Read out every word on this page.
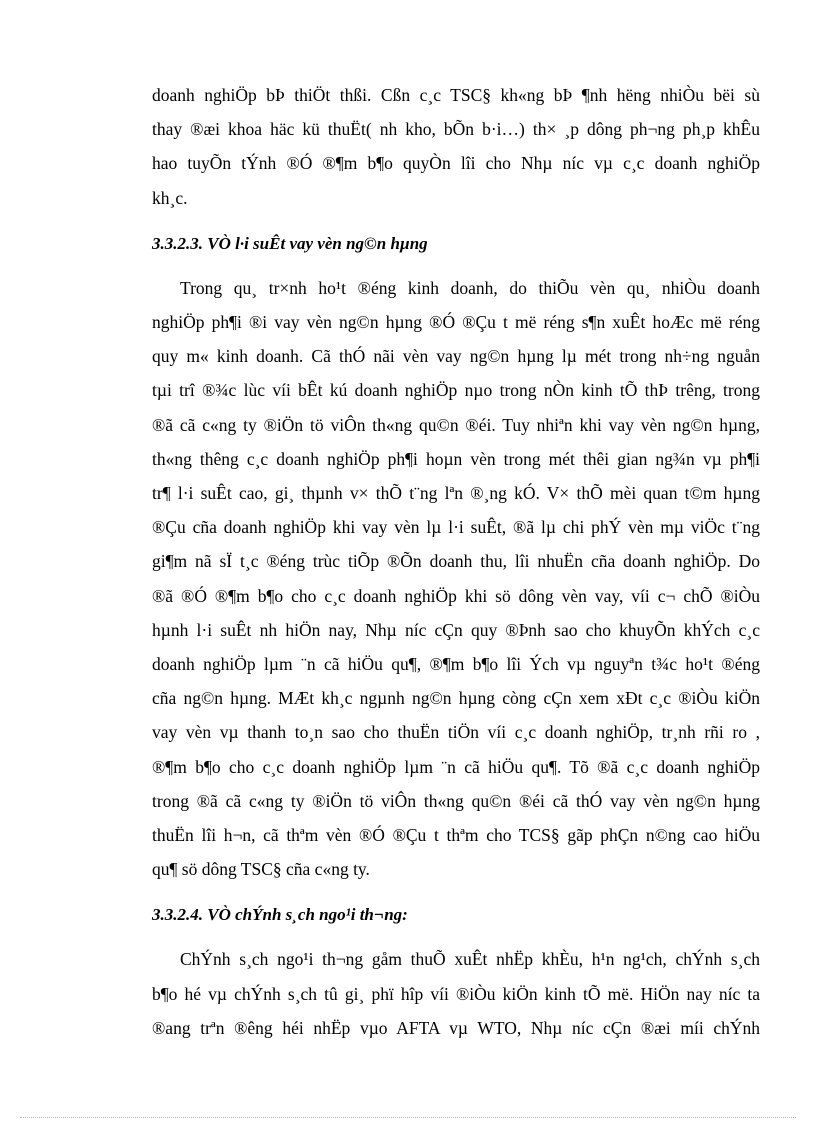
doanh nghiÖp bÞ thiÖt thßi. Cßn c¸c TSC§ kh«ng bÞ ¶nh hëng nhiÒu bëi sù

thay ®æi khoa häc kü thuËt( nh kho, bÕn b·i…) th× ¸p dông ph¬ng ph¸p khÊu

hao tuyÕn tÝnh ®Ó ®¶m b¶o quyÒn lîi cho Nhµ níc vµ c¸c doanh nghiÖp

kh¸c.

3.3.2.3. VÒ l·i suÊt vay vèn ng©n hµng

Trong qu¸ tr×nh ho¹t ®éng kinh doanh, do thiÕu vèn qu¸ nhiÒu doanh

nghiÖp ph¶i ®i vay vèn ng©n hµng ®Ó ®Çu t më réng s¶n xuÊt hoÆc më réng

quy m« kinh doanh. Cã thÓ nãi vèn vay ng©n hµng lµ mét trong nh÷ng nguån

tµi trî ®¾c lùc víi bÊt kú doanh nghiÖp nµo trong nÒn kinh tÕ thÞ trêng, trong

®ã cã c«ng ty ®iÖn tö viÔn th«ng qu©n ®éi. Tuy nhiªn khi vay vèn ng©n hµng,

th«ng thêng c¸c doanh nghiÖp ph¶i hoµn vèn trong mét thêi gian ng¾n vµ ph¶i

tr¶ l·i suÊt cao, gi¸ thµnh v× thÕ t¨ng lªn ®¸ng kÓ. V× thÕ mèi quan t©m hµng

®Çu cña doanh nghiÖp khi vay vèn lµ l·i suÊt, ®ã lµ chi phÝ vèn mµ viÖc t¨ng

gi¶m nã sÏ t¸c ®éng trùc tiÕp ®Õn doanh thu, lîi nhuËn cña doanh nghiÖp. Do

®ã ®Ó ®¶m b¶o cho c¸c doanh nghiÖp khi sö dông vèn vay, víi c¬ chÕ ®iÒu

hµnh l·i suÊt nh hiÖn nay, Nhµ níc cÇn quy ®Þnh sao cho khuyÕn khÝch c¸c

doanh nghiÖp lµm ¨n cã hiÖu qu¶, ®¶m b¶o lîi Ých vµ nguyªn t¾c ho¹t ®éng

cña ng©n hµng. MÆt kh¸c ngµnh ng©n hµng còng cÇn xem xÐt c¸c ®iÒu kiÖn

vay vèn vµ thanh to¸n sao cho thuËn tiÖn víi c¸c doanh nghiÖp, tr¸nh rñi ro ,

®¶m b¶o cho c¸c doanh nghiÖp lµm ¨n cã hiÖu qu¶. Tõ ®ã c¸c doanh nghiÖp

trong ®ã cã c«ng ty ®iÖn tö viÔn th«ng qu©n ®éi cã thÓ vay vèn ng©n hµng

thuËn lîi h¬n, cã thªm vèn ®Ó ®Çu t thªm cho TCS§ gãp phÇn n©ng cao hiÖu

qu¶ sö dông TSC§ cña c«ng ty.

3.3.2.4. VÒ chÝnh s¸ch ngo¹i th¬ng:

ChÝnh s¸ch ngo¹i th¬ng gåm thuÕ xuÊt nhËp khÈu, h¹n ng¹ch, chÝnh s¸ch

b¶o hé vµ chÝnh s¸ch tû gi¸ phï hîp víi ®iÒu kiÖn kinh tÕ më. HiÖn nay níc ta

®ang trªn ®êng héi nhËp vµo AFTA vµ WTO, Nhµ níc cÇn ®æi míi chÝnh
